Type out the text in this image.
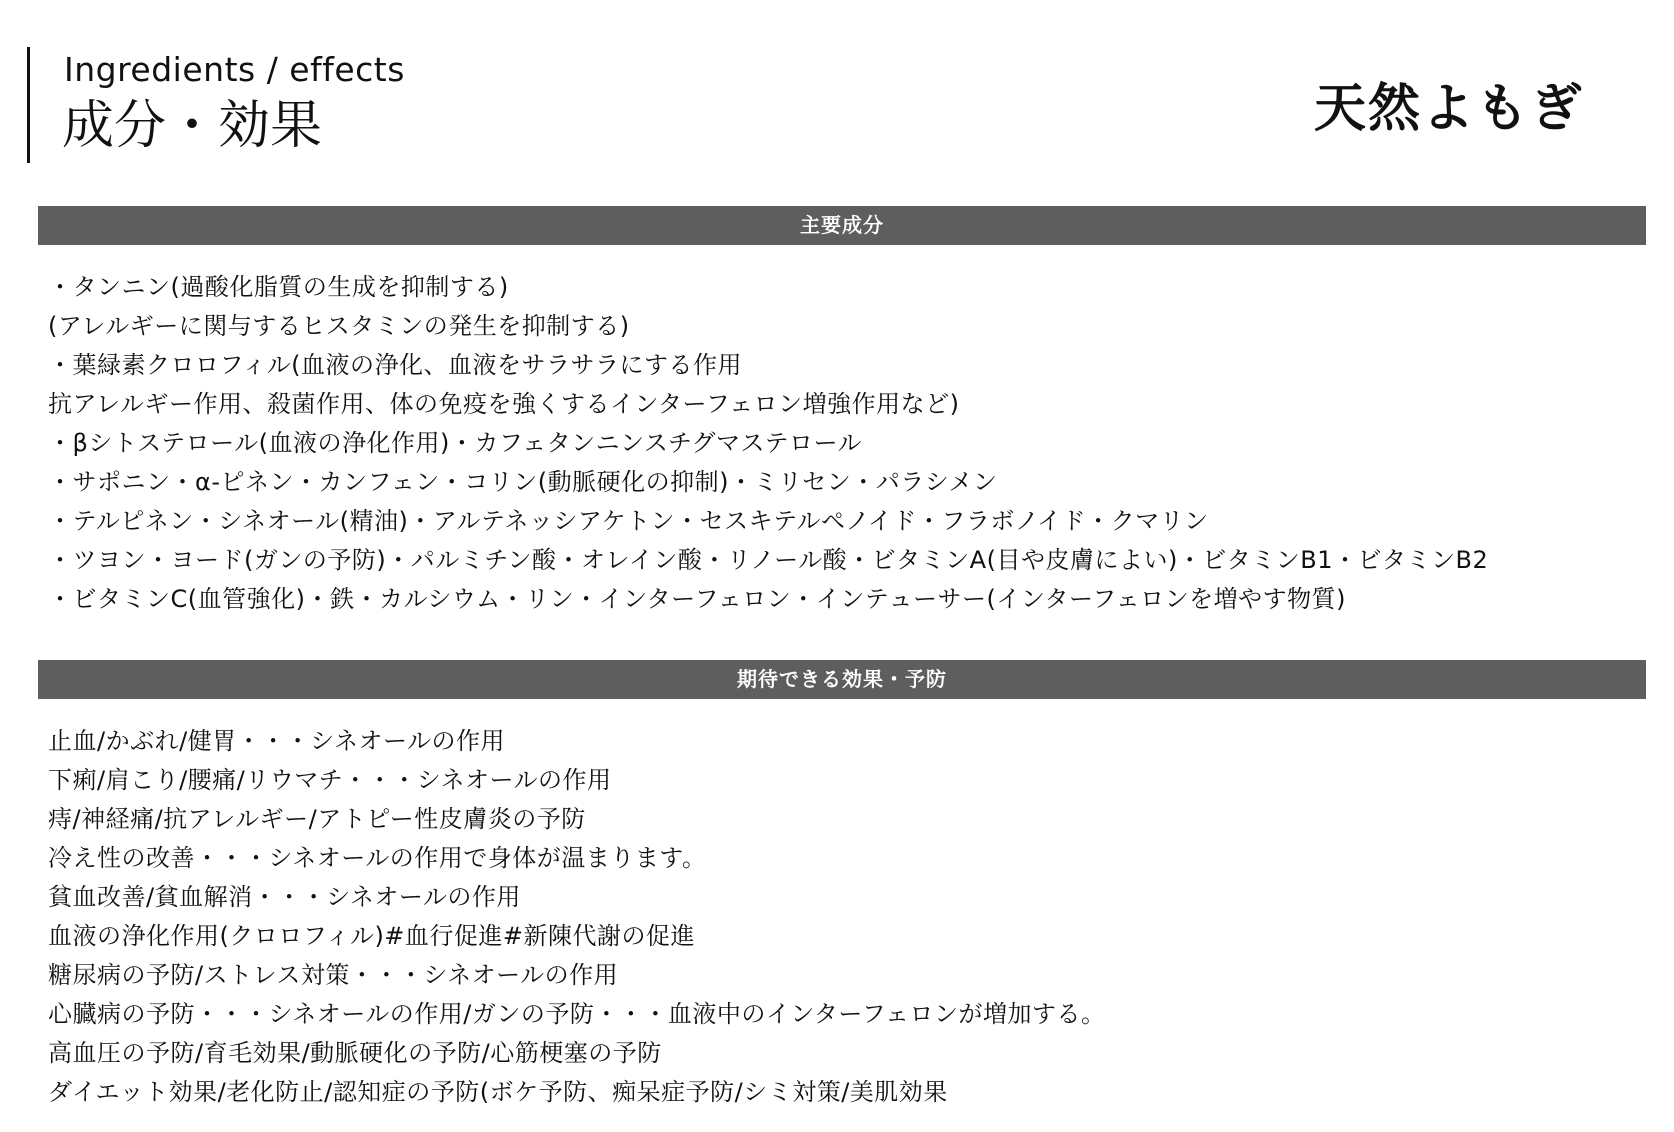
Ingredients / effects
成分・効果	天然よもぎ
主要成分
・タンニン(過酸化脂質の生成を抑制する)
(アレルギーに関与するヒスタミンの発生を抑制する)
・葉緑素クロロフィル(血液の浄化、血液をサラサラにする作用
抗アレルギー作用、殺菌作用、体の免疫を強くするインターフェロン増強作用など)
・βシトステロール(血液の浄化作用)・カフェタンニンスチグマステロール
・サポニン・α-ピネン・カンフェン・コリン(動脈硬化の抑制)・ミリセン・パラシメン
・テルピネン・シネオール(精油)・アルテネッシアケトン・セスキテルペノイド・フラボノイド・クマリン
・ツヨン・ヨード(ガンの予防)・パルミチン酸・オレイン酸・リノール酸・ビタミンA(目や皮膚によい)・ビタミンB1・ビタミンB2
・ビタミンC(血管強化)・鉄・カルシウム・リン・インターフェロン・インテューサー(インターフェロンを増やす物質)
期待できる効果・予防
止血/かぶれ/健胃・・・シネオールの作用
下痢/肩こり/腰痛/リウマチ・・・シネオールの作用
痔/神経痛/抗アレルギー/アトピー性皮膚炎の予防
冷え性の改善・・・シネオールの作用で身体が温まります。
貧血改善/貧血解消・・・シネオールの作用
血液の浄化作用(クロロフィル)#血行促進#新陳代謝の促進
糖尿病の予防/ストレス対策・・・シネオールの作用
心臓病の予防・・・シネオールの作用/ガンの予防・・・血液中のインターフェロンが増加する。
高血圧の予防/育毛効果/動脈硬化の予防/心筋梗塞の予防
ダイエット効果/老化防止/認知症の予防(ボケ予防、痴呆症予防/シミ対策/美肌効果
